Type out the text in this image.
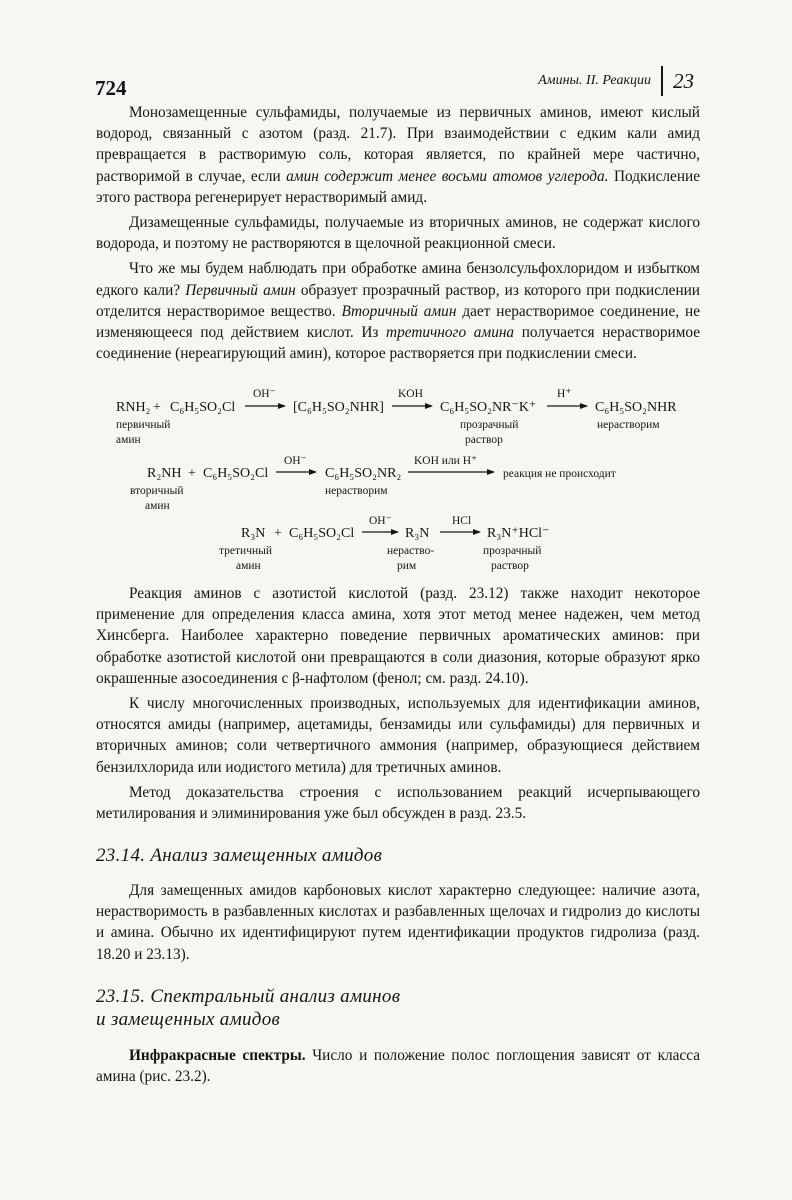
724	Амины. II. Реакции 23

Монозамещенные сульфамиды, получаемые из первичных аминов, имеют кислый водород, связанный с азотом (разд. 21.7). При взаимодействии с едким кали амид превращается в растворимую соль, которая является, по крайней мере частично, растворимой в случае, если амин содержит менее восьми атомов углерода. Подкисление этого раствора регенерирует нерастворимый амид.

Дизамещенные сульфамиды, получаемые из вторичных аминов, не содержат кислого водорода, и поэтому не растворяются в щелочной реакционной смеси.

Что же мы будем наблюдать при обработке амина бензолсульфохлоридом и избытком едкого кали? Первичный амин образует прозрачный раствор, из которого при подкислении отделится нерастворимое вещество. Вторичный амин дает нерастворимое соединение, не изменяющееся под действием кислот. Из третичного амина получается нерастворимое соединение (нереагирующий амин), которое растворяется при подкислении смеси.

RNH₂ + C₆H₅SO₂Cl
OH⁻
[C₆H₅SO₂NHR]
KOH
C₆H₅SO₂NR⁻K⁺
H⁺
C₆H₅SO₂NHR
первичный
амин
прозрачный
раствор
нерастворим
R₂NH + C₆H₅SO₂Cl
OH⁻
C₆H₅SO₂NR₂
KOH или H⁺
реакция не происходит
вторичный
амин
нерастворим
R₃N + C₆H₅SO₂Cl
OH⁻
R₃N
HCl
R₃N⁺HCl⁻
третичный
амин
нераство-
рим
прозрачный
раствор

Реакция аминов с азотистой кислотой (разд. 23.12) также находит некоторое применение для определения класса амина, хотя этот метод менее надежен, чем метод Хинсберга. Наиболее характерно поведение первичных ароматических аминов: при обработке азотистой кислотой они превращаются в соли диазония, которые образуют ярко окрашенные азосоединения с β-нафтолом (фенол; см. разд. 24.10).

К числу многочисленных производных, используемых для идентификации аминов, относятся амиды (например, ацетамиды, бензамиды или сульфамиды) для первичных и вторичных аминов; соли четвертичного аммония (например, образующиеся действием бензилхлорида или иодистого метила) для третичных аминов.

Метод доказательства строения с использованием реакций исчерпывающего метилирования и элиминирования уже был обсужден в разд. 23.5.

23.14. Анализ замещенных амидов

Для замещенных амидов карбоновых кислот характерно следующее: наличие азота, нерастворимость в разбавленных кислотах и разбавленных щелочах и гидролиз до кислоты и амина. Обычно их идентифицируют путем идентификации продуктов гидролиза (разд. 18.20 и 23.13).

23.15. Спектральный анализ аминов
и замещенных амидов

Инфракрасные спектры. Число и положение полос поглощения зависят от класса амина (рис. 23.2).
